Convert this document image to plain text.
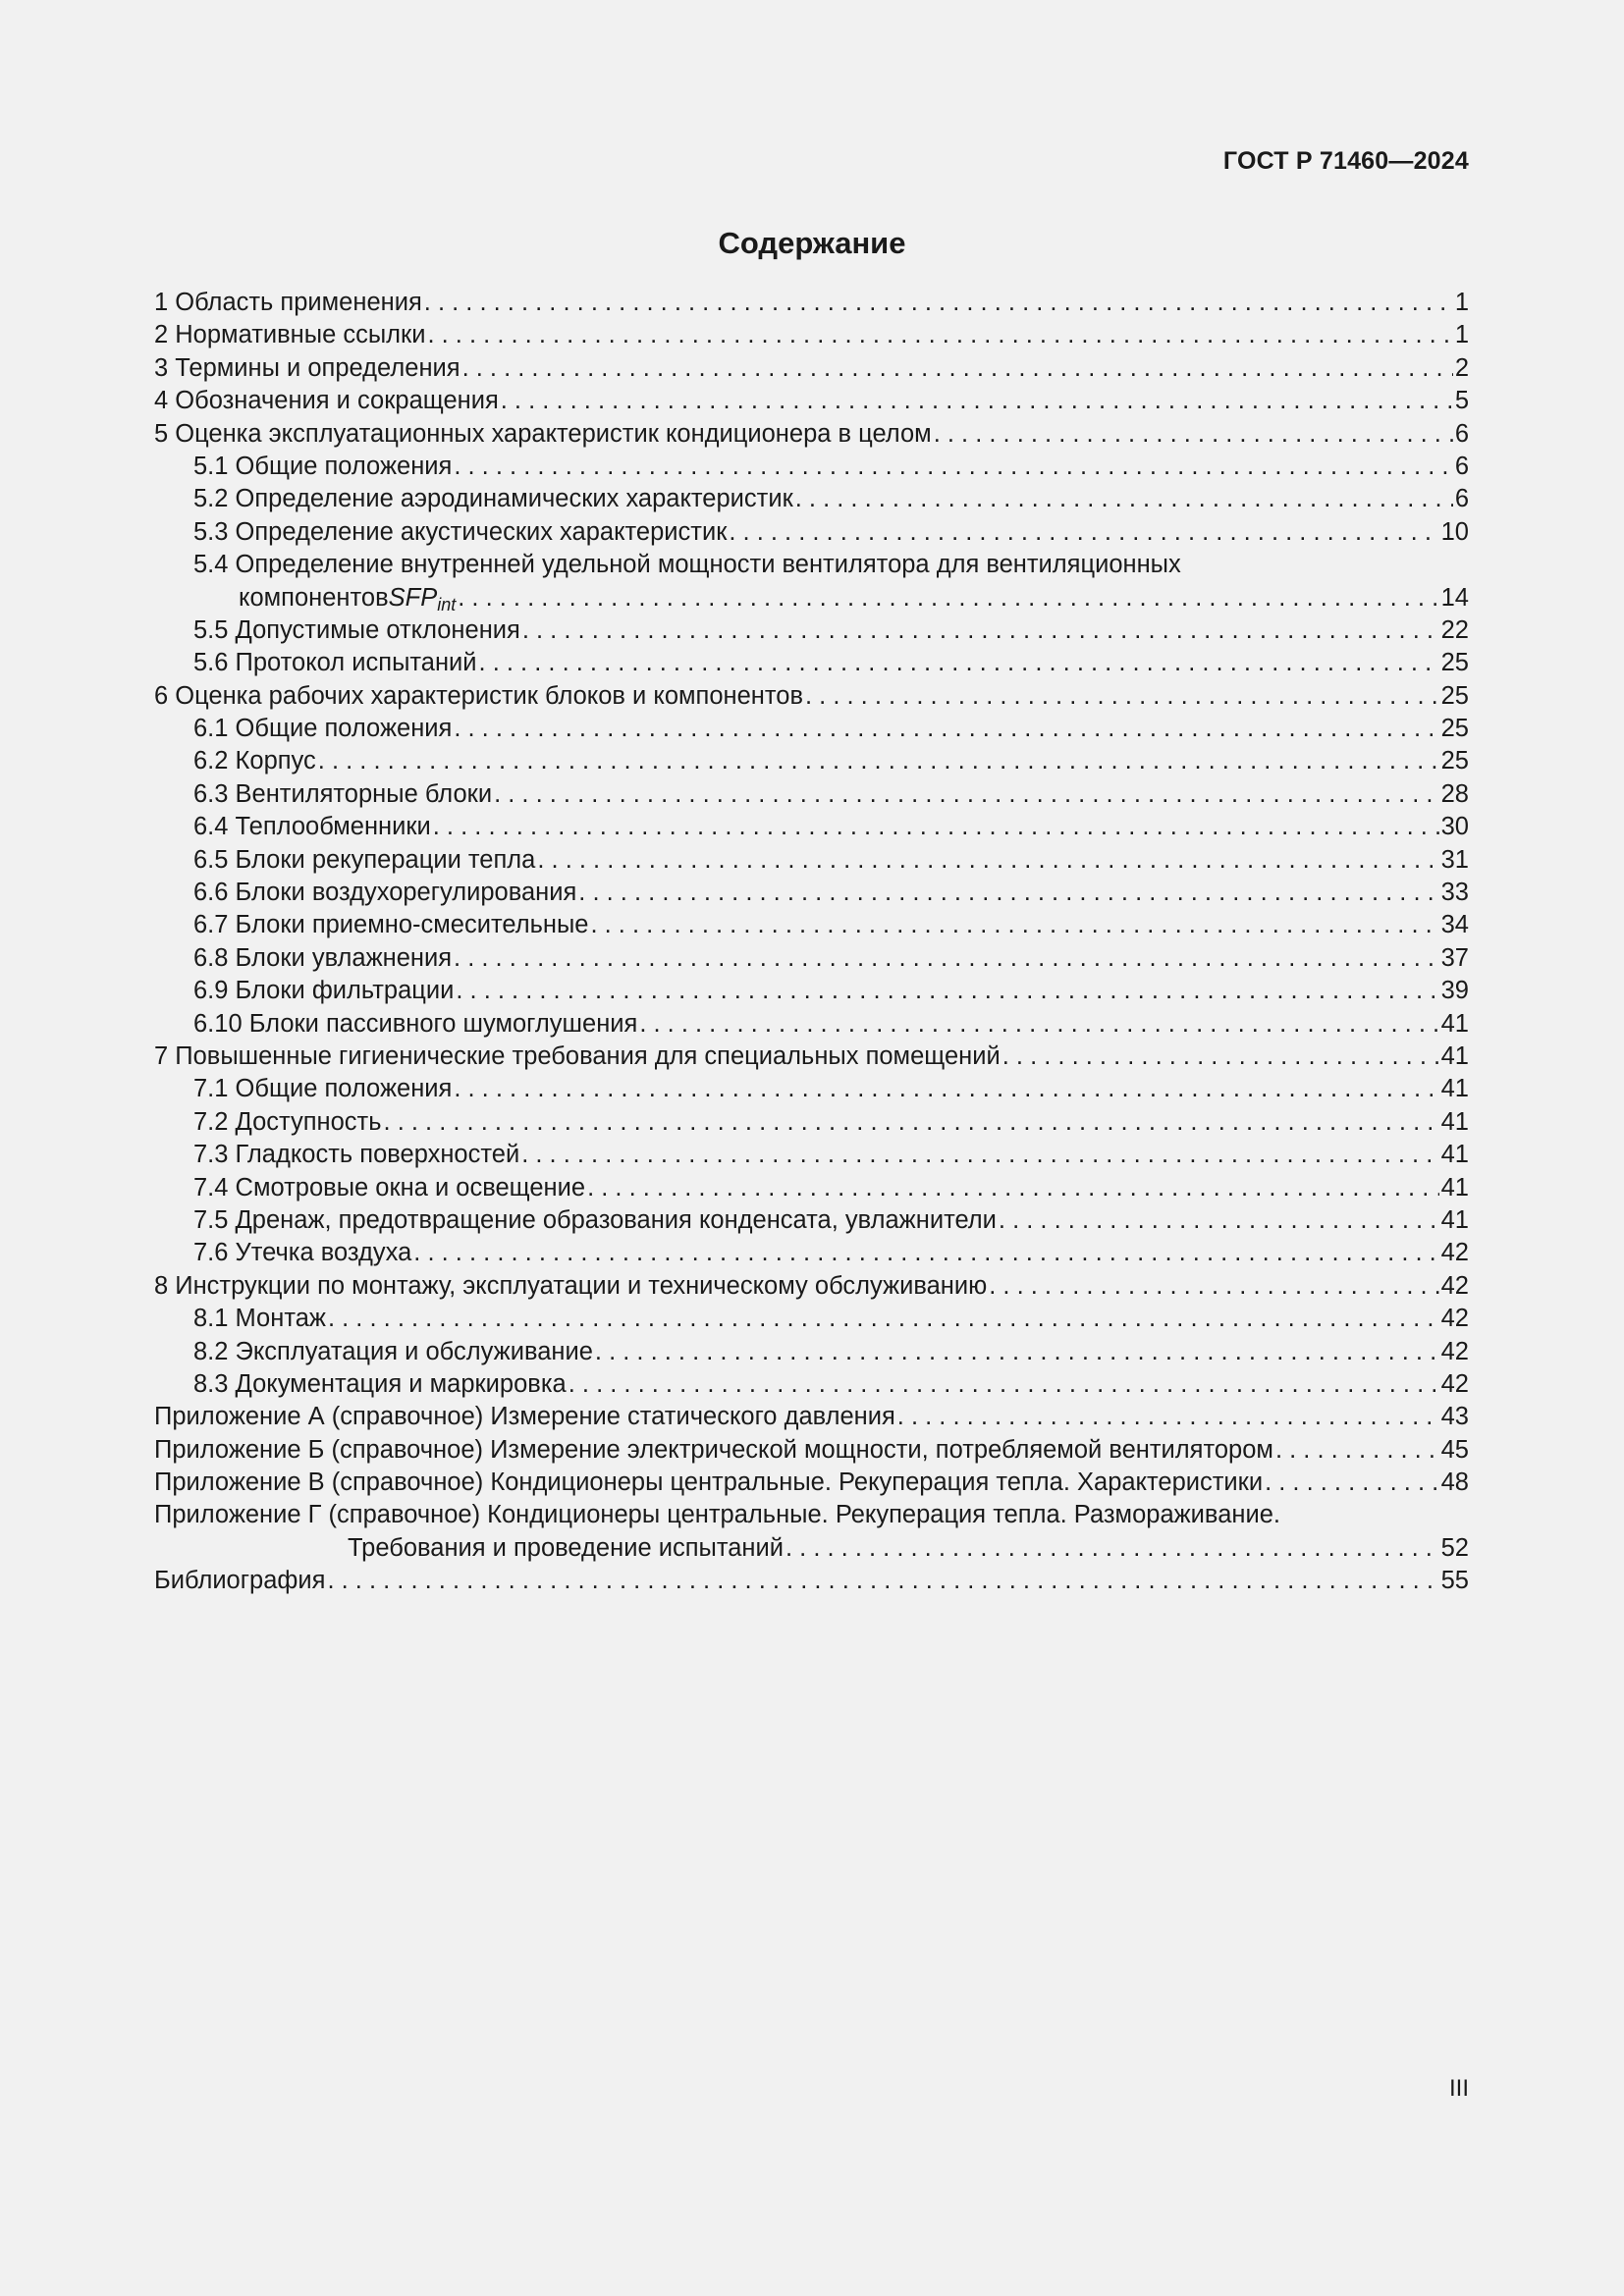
ГОСТ Р 71460—2024
Содержание
1 Область применения . . .	1
2 Нормативные ссылки . . .	1
3 Термины и определения . . .	2
4 Обозначения и сокращения . . .	5
5 Оценка эксплуатационных характеристик кондиционера в целом . . .	6
5.1 Общие положения . . .	6
5.2 Определение аэродинамических характеристик . . .	6
5.3 Определение акустических характеристик . . .	10
5.4 Определение внутренней удельной мощности вентилятора для вентиляционных
компонентов $SFP_{int}$ . . .	14
5.5 Допустимые отклонения . . .	22
5.6 Протокол испытаний . . .	25
6 Оценка рабочих характеристик блоков и компонентов . . .	25
6.1 Общие положения . . .	25
6.2 Корпус . . .	25
6.3 Вентиляторные блоки . . .	28
6.4 Теплообменники . . .	30
6.5 Блоки рекуперации тепла . . .	31
6.6 Блоки воздухорегулирования . . .	33
6.7 Блоки приемно-смесительные . . .	34
6.8 Блоки увлажнения . . .	37
6.9 Блоки фильтрации . . .	39
6.10 Блоки пассивного шумоглушения . . .	41
7 Повышенные гигиенические требования для специальных помещений . . .	41
7.1 Общие положения . . .	41
7.2 Доступность . . .	41
7.3 Гладкость поверхностей . . .	41
7.4 Смотровые окна и освещение . . .	41
7.5 Дренаж, предотвращение образования конденсата, увлажнители . . .	41
7.6 Утечка воздуха . . .	42
8 Инструкции по монтажу, эксплуатации и техническому обслуживанию . . .	42
8.1 Монтаж . . .	42
8.2 Эксплуатация и обслуживание . . .	42
8.3 Документация и маркировка . . .	42
Приложение А (справочное) Измерение статического давления . . .	43
Приложение Б (справочное) Измерение электрической мощности, потребляемой вентилятором . . .	45
Приложение В (справочное) Кондиционеры центральные. Рекуперация тепла. Характеристики . . .	48
Приложение Г (справочное) Кондиционеры центральные. Рекуперация тепла. Размораживание.
Требования и проведение испытаний . . .	52
Библиография . . .	55
III
